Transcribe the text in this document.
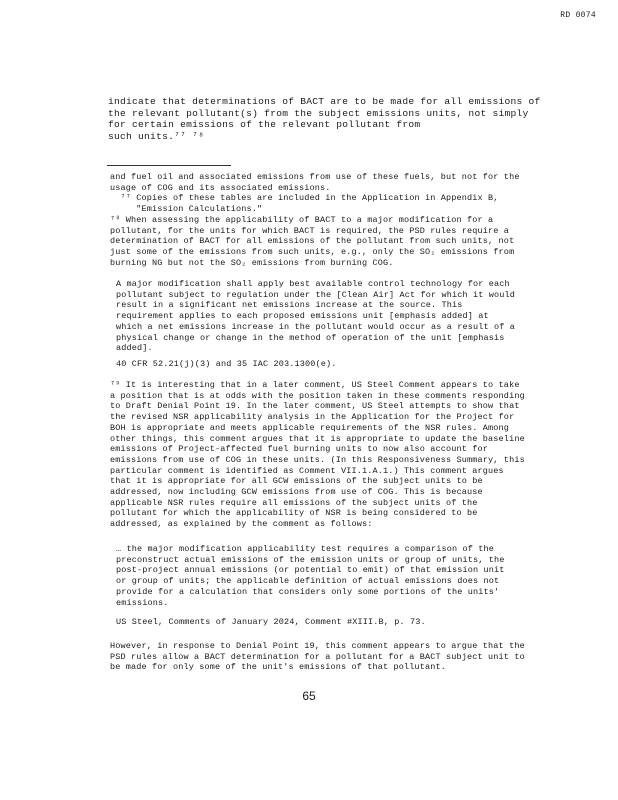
RD 0074
indicate that determinations of BACT are to be made for all emissions of
the relevant pollutant(s) from the subject emissions units, not simply
for certain emissions of the relevant pollutant from
such units.⁷⁷ ⁷⁸
and fuel oil and associated emissions from use of these fuels, but not for the
usage of COG and its associated emissions.
⁷⁷ Copies of these tables are included in the Application in Appendix B,
"Emission Calculations."
⁷⁸ When assessing the applicability of BACT to a major modification for a
pollutant, for the units for which BACT is required, the PSD rules require a
determination of BACT for all emissions of the pollutant from such units, not
just some of the emissions from such units, e.g., only the SO₂ emissions from
burning NG but not the SO₂ emissions from burning COG.
A major modification shall apply best available control technology for each
pollutant subject to regulation under the [Clean Air] Act for which it would
result in a significant net emissions increase at the source. This
requirement applies to each proposed emissions unit [emphasis added] at
which a net emissions increase in the pollutant would occur as a result of a
physical change or change in the method of operation of the unit [emphasis
added].
40 CFR 52.21(j)(3) and 35 IAC 203.1300(e).
⁷⁹ It is interesting that in a later comment, US Steel Comment appears to take
a position that is at odds with the position taken in these comments responding
to Draft Denial Point 19. In the later comment, US Steel attempts to show that
the revised NSR applicability analysis in the Application for the Project for
BOH is appropriate and meets applicable requirements of the NSR rules. Among
other things, this comment argues that it is appropriate to update the baseline
emissions of Project-affected fuel burning units to now also account for
emissions from use of COG in these units. (In this Responsiveness Summary, this
particular comment is identified as Comment VII.1.A.1.) This comment argues
that it is appropriate for all GCW emissions of the subject units to be
addressed, now including GCW emissions from use of COG. This is because
applicable NSR rules require all emissions of the subject units of the
pollutant for which the applicability of NSR is being considered to be
addressed, as explained by the comment as follows:
… the major modification applicability test requires a comparison of the
preconstruct actual emissions of the emission units or group of units, the
post-project annual emissions (or potential to emit) of that emission unit
or group of units; the applicable definition of actual emissions does not
provide for a calculation that considers only some portions of the units'
emissions.
US Steel, Comments of January 2024, Comment #XIII.B, p. 73.
However, in response to Denial Point 19, this comment appears to argue that the
PSD rules allow a BACT determination for a pollutant for a BACT subject unit to
be made for only some of the unit's emissions of that pollutant.
65
